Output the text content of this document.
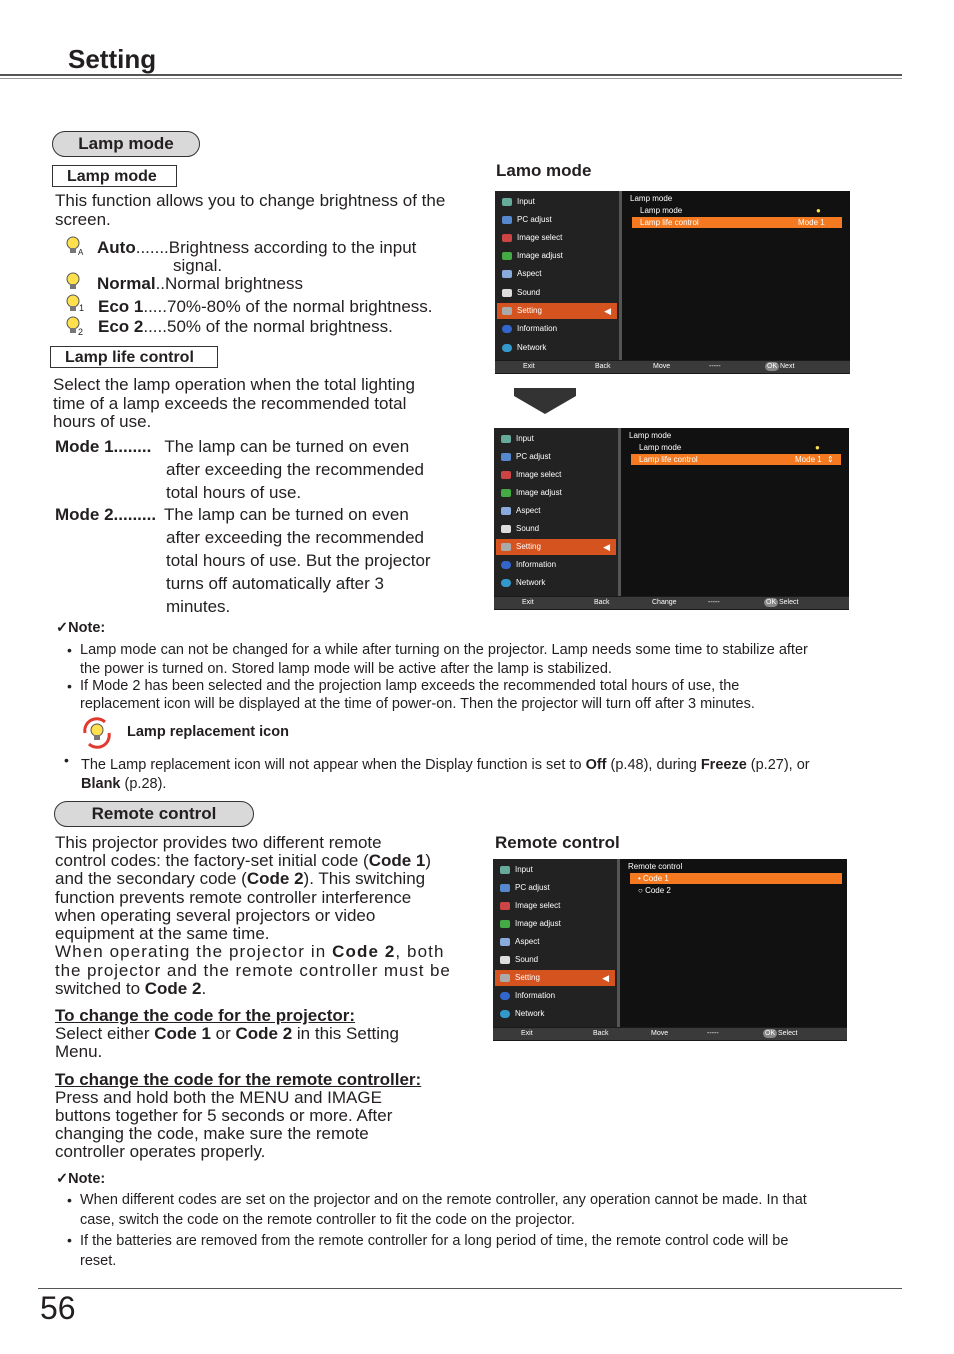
Setting
Lamp mode
Lamp mode
This function allows you to change brightness of the screen.
A
1
2
Auto.......Brightness according to the input
signal.
Normal..Normal brightness
Eco 1.....70%-80% of the normal brightness.
Eco 2.....50% of the normal brightness.
Lamp life control
Select the lamp operation when the total lighting
time of a lamp exceeds the recommended total
hours of use.
Mode 1........ The lamp can be turned on even
after exceeding the recommended
total hours of use.
Mode 2......... The lamp can be turned on even
after exceeding the recommended
total hours of use. But the projector
turns off automatically after 3
minutes.
Lamo mode
Input
PC adjust
Image select
Image adjust
Aspect
Sound
Setting	◀
Information
Network
Lamp mode
Lamp mode	●
Lamp life control	Mode 1
Exit	Back	Move	-----	OK Next
Input
PC adjust
Image select
Image adjust
Aspect
Sound
Setting	◀
Information
Network
Lamp mode
Lamp mode	●
Lamp life control	Mode 1 ⇕
Exit	Back	Change	-----	OK Select
✓Note:
• Lamp mode can not be changed for a while after turning on the projector. Lamp needs some time to stabilize after
the power is turned on. Stored lamp mode will be active after the lamp is stabilized.
• If Mode 2 has been selected and the projection lamp exceeds the recommended total hours of use, the
replacement icon will be displayed at the time of power-on. Then the projector will turn off after 3 minutes.
Lamp replacement icon
• The Lamp replacement icon will not appear when the Display function is set to Off (p.48), during Freeze (p.27), or
Blank (p.28).
Remote control
This projector provides two different remote
control codes: the factory-set initial code (Code 1)
and the secondary code (Code 2). This switching
function prevents remote controller interference
when operating several projectors or video
equipment at the same time.
When operating the projector in Code 2, both
the projector and the remote controller must be
switched to Code 2.
To change the code for the projector:
Select either Code 1 or Code 2 in this Setting
Menu.
To change the code for the remote controller:
Press and hold both the MENU and IMAGE
buttons together for 5 seconds or more. After
changing the code, make sure the remote
controller operates properly.
Remote control
Input
PC adjust
Image select
Image adjust
Aspect
Sound
Setting	◀
Information
Network
Remote control
• Code 1
○ Code 2
Exit	Back	Move	-----	OK Select
✓Note:
• When different codes are set on the projector and on the remote controller, any operation cannot be made. In that
case, switch the code on the remote controller to fit the code on the projector.
• If the batteries are removed from the remote controller for a long period of time, the remote control code will be
reset.
56
